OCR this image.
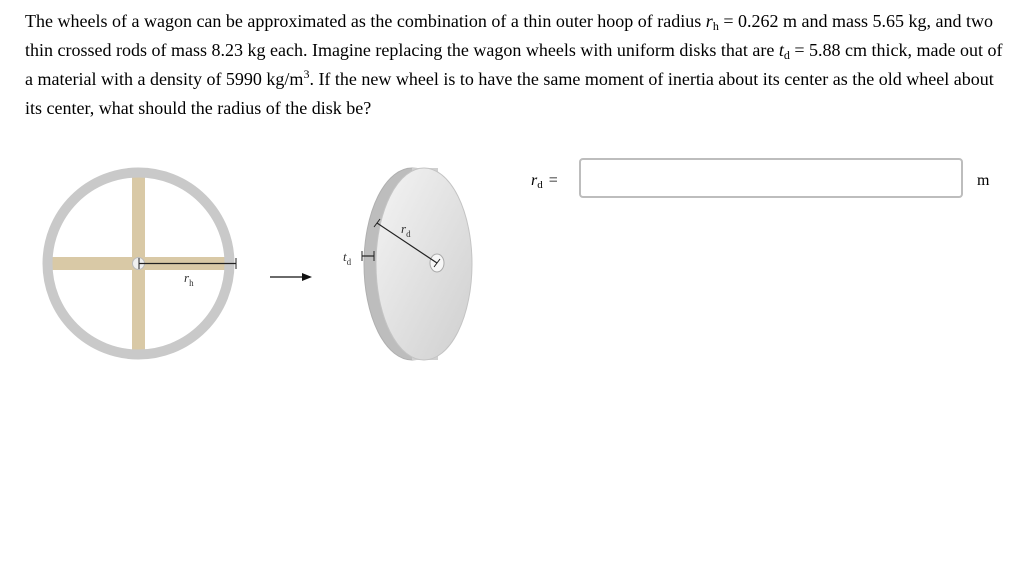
The wheels of a wagon can be approximated as the combination of a thin outer hoop of radius $r_h = 0.262$ m and mass 5.65 kg, and two thin crossed rods of mass 8.23 kg each. Imagine replacing the wagon wheels with uniform disks that are $t_d = 5.88$ cm thick, made out of a material with a density of 5990 $kg/m^3$. If the new wheel is to have the same moment of inertia about its center as the old wheel about its center, what should the radius of the disk be?

$r_h$
$r_d$
$t_d$
$r_d$ =	m
